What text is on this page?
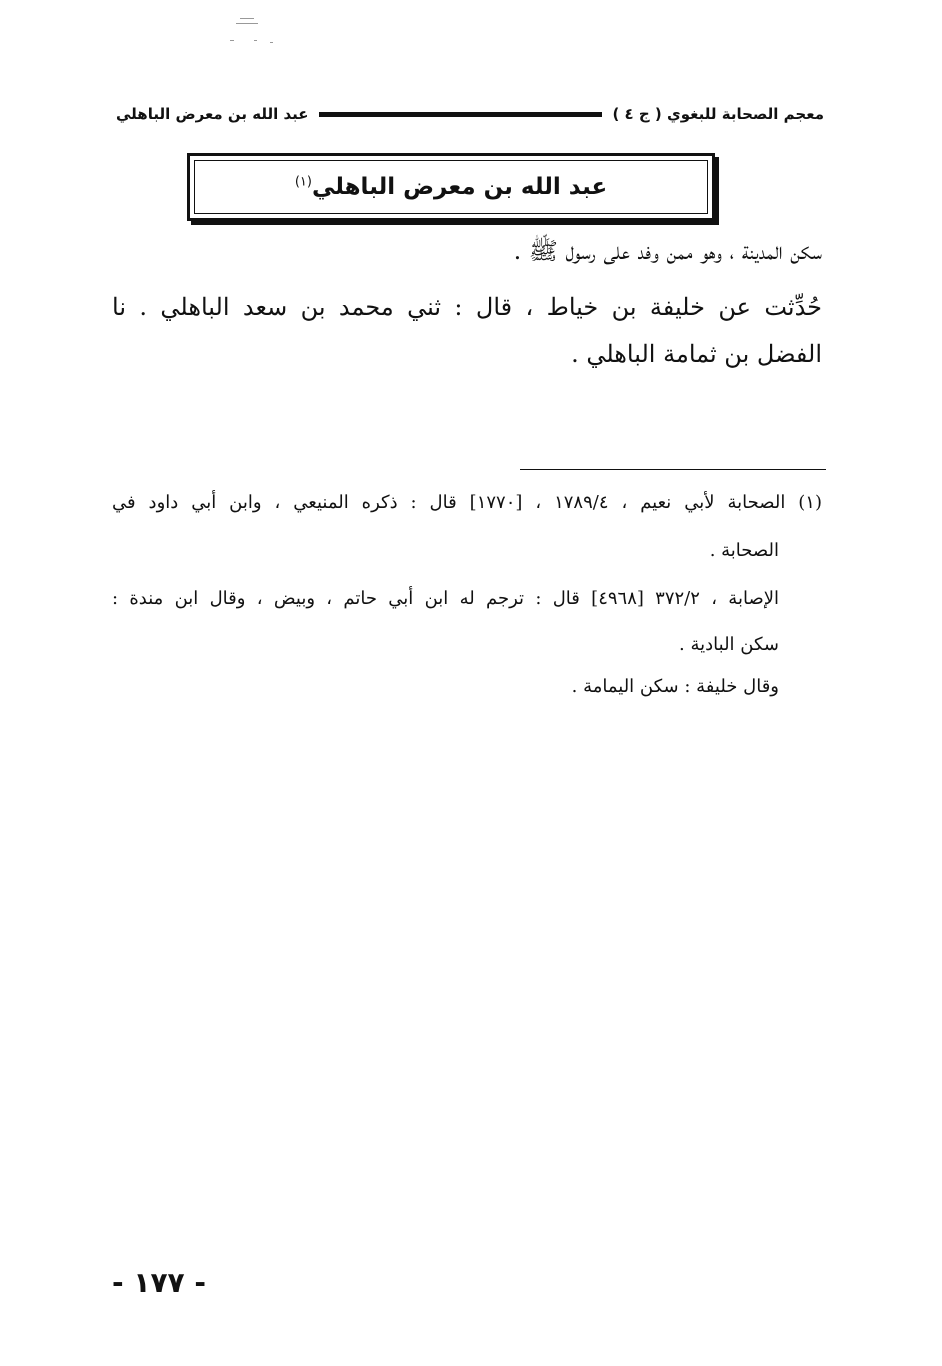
معجم الصحابة للبغوي ( ج ٤ )
عبد الله بن معرض الباهلي
عبد الله بن معرض الباهلي$^{(١)}$
سكن المدينة ، وهو ممن وفد على رسول ﷺ .
حُدِّثت عن خليفة بن خياط ، قال : ثني محمد بن سعد الباهلي . نا
الفضل بن ثمامة الباهلي .
(١) الصحابة لأبي نعيم ، ١٧٨٩/٤ ، [١٧٧٠] قال : ذكره المنيعي ، وابن أبي داود في
الصحابة .
الإصابة ، ٣٧٢/٢ [٤٩٦٨] قال : ترجم له ابن أبي حاتم ، وبيض ، وقال ابن مندة :
سكن البادية .
وقال خليفة : سكن اليمامة .
- ١٧٧ -
